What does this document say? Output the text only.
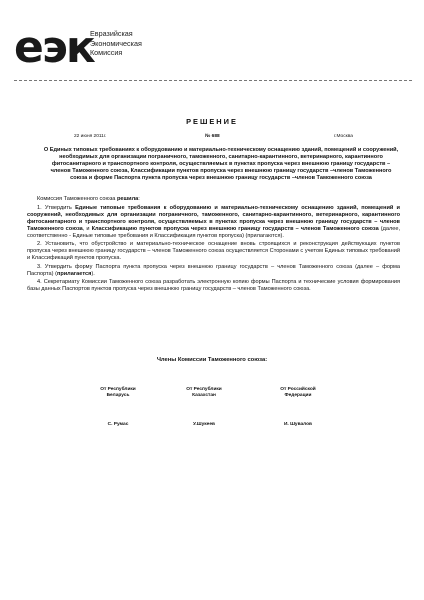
еэк
Евразийская
Экономическая
Комиссия
РЕШЕНИЕ
22 июня 2011г.	№ 688	г.Москва
О Единых типовых требованиях к оборудованию и материально-техническому оснащению зданий, помещений и сооружений, необходимых для организации пограничного, таможенного, санитарно-карантинного, ветеринарного, карантинного фитосанитарного и транспортного контроля, осуществляемых в пунктах пропуска через внешнюю границу государств – членов Таможенного союза, Классификации пунктов пропуска через внешнюю границу государств –членов Таможенного союза и форме Паспорта пункта пропуска через внешнюю границу государств –членов Таможенного союза

Комиссия Таможенного союза решила:

1. Утвердить Единые типовые требования к оборудованию и материально-техническому оснащению зданий, помещений и сооружений, необходимых для организации пограничного, таможенного, санитарно-карантинного, ветеринарного, карантинного фитосанитарного и транспортного контроля, осуществляемых в пунктах пропуска через внешнюю границу государств – членов Таможенного союза, и Классификацию пунктов пропуска через внешнюю границу государств – членов Таможенного союза (далее, соответственно - Единые типовые требования и Классификация пунктов пропуска) (прилагаются).

2. Установить, что обустройство и материально-техническое оснащение вновь строящихся и реконструкция действующих пунктов пропуска через внешнюю границу государств – членов Таможенного союза осуществляется Сторонами с учетом Единых типовых требований и Классификаций пунктов пропуска.

3. Утвердить форму Паспорта пункта пропуска через внешнюю границу государств – членов Таможенного союза (далее – форма Паспорта) (прилагается).

4. Секретариату Комиссии Таможенного союза разработать электронную копию формы Паспорта и технические условия формирования базы данных Паспортов пунктов пропуска через внешнюю границу государств – членов Таможенного союза.

Члены Комиссии Таможенного союза:
От Республики
Беларусь
От Республики
Казахстан
От Российской
Федерации
С. Румас	У.Шукеев	И. Шувалов
